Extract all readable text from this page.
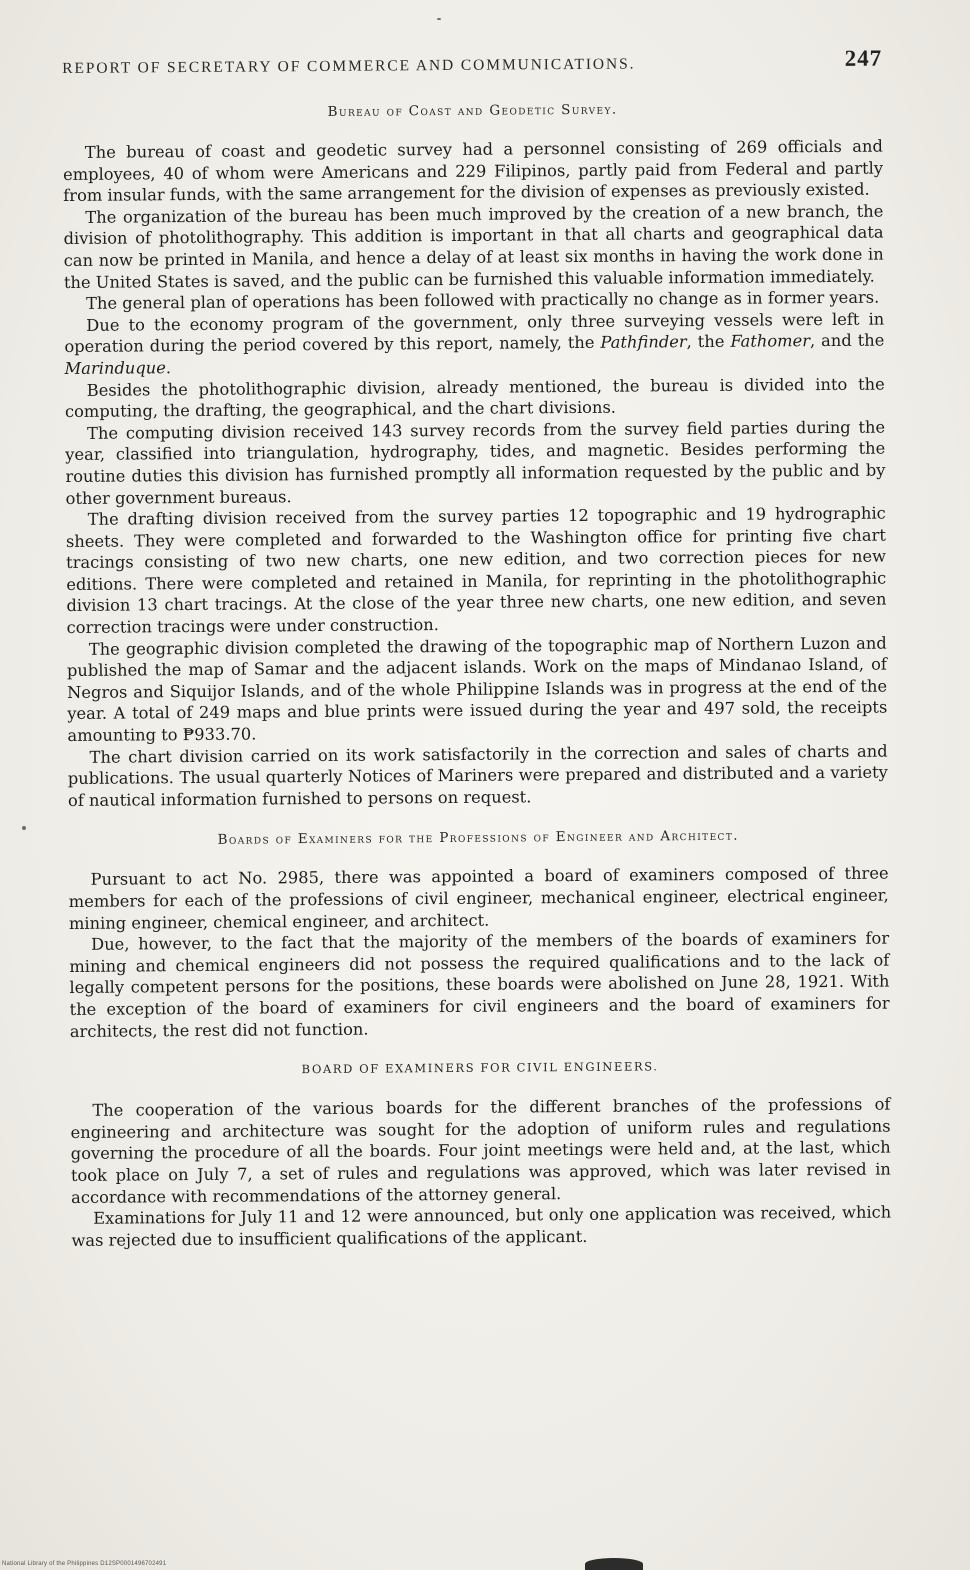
REPORT OF SECRETARY OF COMMERCE AND COMMUNICATIONS.	247
Bureau of Coast and Geodetic Survey.

The bureau of coast and geodetic survey had a personnel consisting of 269 officials and employees, 40 of whom were Americans and 229 Filipinos, partly paid from Federal and partly from insular funds, with the same arrangement for the division of expenses as previously existed.

The organization of the bureau has been much improved by the creation of a new branch, the division of photolithography. This addition is important in that all charts and geographical data can now be printed in Manila, and hence a delay of at least six months in having the work done in the United States is saved, and the public can be furnished this valuable information immediately.

The general plan of operations has been followed with practically no change as in former years.

Due to the economy program of the government, only three surveying vessels were left in operation during the period covered by this report, namely, the Pathfinder, the Fathomer, and the Marinduque.

Besides the photolithographic division, already mentioned, the bureau is divided into the computing, the drafting, the geographical, and the chart divisions.

The computing division received 143 survey records from the survey field parties during the year, classified into triangulation, hydrography, tides, and magnetic. Besides performing the routine duties this division has furnished promptly all information requested by the public and by other government bureaus.

The drafting division received from the survey parties 12 topographic and 19 hydrographic sheets. They were completed and forwarded to the Washington office for printing five chart tracings consisting of two new charts, one new edition, and two correction pieces for new editions. There were completed and retained in Manila, for reprinting in the photolithographic division 13 chart tracings. At the close of the year three new charts, one new edition, and seven correction tracings were under construction.

The geographic division completed the drawing of the topographic map of Northern Luzon and published the map of Samar and the adjacent islands. Work on the maps of Mindanao Island, of Negros and Siquijor Islands, and of the whole Philippine Islands was in progress at the end of the year. A total of 249 maps and blue prints were issued during the year and 497 sold, the receipts amounting to ₱933.70.

The chart division carried on its work satisfactorily in the correction and sales of charts and publications. The usual quarterly Notices of Mariners were prepared and distributed and a variety of nautical information furnished to persons on request.

Boards of Examiners for the Professions of Engineer and Architect.

Pursuant to act No. 2985, there was appointed a board of examiners composed of three members for each of the professions of civil engineer, mechanical engineer, electrical engineer, mining engineer, chemical engineer, and architect.

Due, however, to the fact that the majority of the members of the boards of examiners for mining and chemical engineers did not possess the required qualifications and to the lack of legally competent persons for the positions, these boards were abolished on June 28, 1921. With the exception of the board of examiners for civil engineers and the board of examiners for architects, the rest did not function.

BOARD OF EXAMINERS FOR CIVIL ENGINEERS.

The cooperation of the various boards for the different branches of the professions of engineering and architecture was sought for the adoption of uniform rules and regulations governing the procedure of all the boards. Four joint meetings were held and, at the last, which took place on July 7, a set of rules and regulations was approved, which was later revised in accordance with recommendations of the attorney general.

Examinations for July 11 and 12 were announced, but only one application was received, which was rejected due to insufficient qualifications of the applicant.

National Library of the Philippines D12SP0001496702491
